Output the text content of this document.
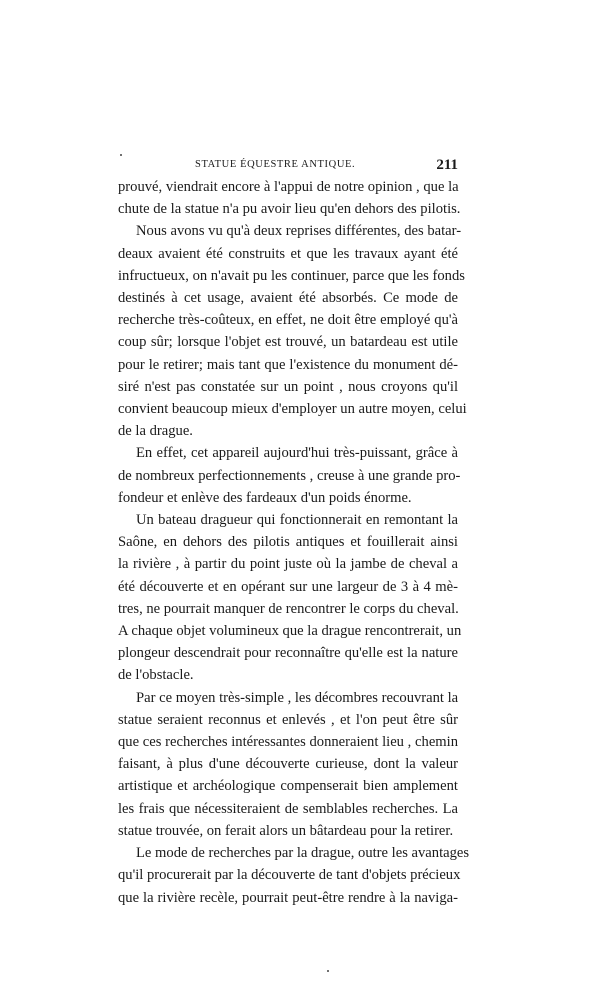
STATUE ÉQUESTRE ANTIQUE.	211
prouvé, viendrait encore à l'appui de notre opinion , que la
chute de la statue n'a pu avoir lieu qu'en dehors des pilotis.
Nous avons vu qu'à deux reprises différentes, des batar-
deaux avaient été construits et que les travaux ayant été
infructueux, on n'avait pu les continuer, parce que les fonds
destinés à cet usage, avaient été absorbés. Ce mode de
recherche très-coûteux, en effet, ne doit être employé qu'à
coup sûr; lorsque l'objet est trouvé, un batardeau est utile
pour le retirer; mais tant que l'existence du monument dé-
siré n'est pas constatée sur un point , nous croyons qu'il
convient beaucoup mieux d'employer un autre moyen, celui
de la drague.
En effet, cet appareil aujourd'hui très-puissant, grâce à
de nombreux perfectionnements , creuse à une grande pro-
fondeur et enlève des fardeaux d'un poids énorme.
Un bateau dragueur qui fonctionnerait en remontant la
Saône, en dehors des pilotis antiques et fouillerait ainsi
la rivière , à partir du point juste où la jambe de cheval a
été découverte et en opérant sur une largeur de 3 à 4 mè-
tres, ne pourrait manquer de rencontrer le corps du cheval.
A chaque objet volumineux que la drague rencontrerait, un
plongeur descendrait pour reconnaître qu'elle est la nature
de l'obstacle.
Par ce moyen très-simple , les décombres recouvrant la
statue seraient reconnus et enlevés , et l'on peut être sûr
que ces recherches intéressantes donneraient lieu , chemin
faisant, à plus d'une découverte curieuse, dont la valeur
artistique et archéologique compenserait bien amplement
les frais que nécessiteraient de semblables recherches. La
statue trouvée, on ferait alors un bâtardeau pour la retirer.
Le mode de recherches par la drague, outre les avantages
qu'il procurerait par la découverte de tant d'objets précieux
que la rivière recèle, pourrait peut-être rendre à la naviga-
